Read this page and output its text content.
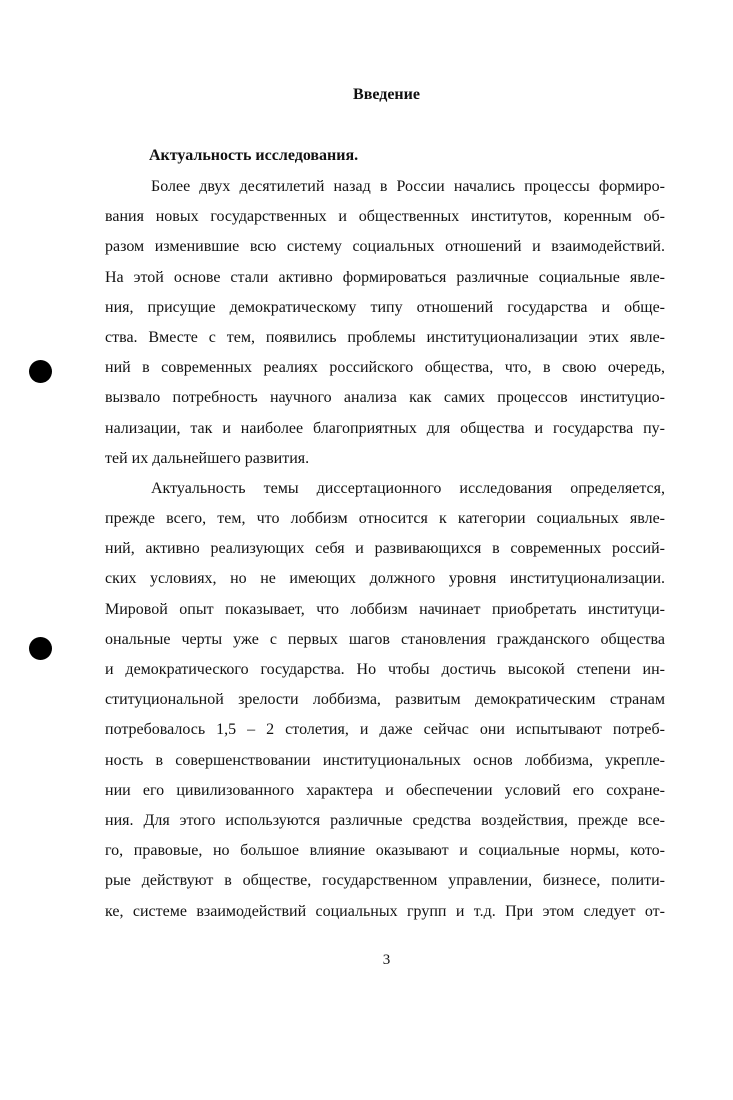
Введение
Актуальность исследования.
Более двух десятилетий назад в России начались процессы формиро-
вания новых государственных и общественных институтов, коренным об-
разом изменившие всю систему социальных отношений и взаимодействий.
На этой основе стали активно формироваться различные социальные явле-
ния, присущие демократическому типу отношений государства и обще-
ства. Вместе с тем, появились проблемы институционализации этих явле-
ний в современных реалиях российского общества, что, в свою очередь,
вызвало потребность научного анализа как самих процессов институцио-
нализации, так и наиболее благоприятных для общества и государства пу-
тей их дальнейшего развития.
Актуальность темы диссертационного исследования определяется,
прежде всего, тем, что лоббизм относится к категории социальных явле-
ний, активно реализующих себя и развивающихся в современных россий-
ских условиях, но не имеющих должного уровня институционализации.
Мировой опыт показывает, что лоббизм начинает приобретать институци-
ональные черты уже с первых шагов становления гражданского общества
и демократического государства. Но чтобы достичь высокой степени ин-
ституциональной зрелости лоббизма, развитым демократическим странам
потребовалось 1,5 – 2 столетия, и даже сейчас они испытывают потреб-
ность в совершенствовании институциональных основ лоббизма, укрепле-
нии его цивилизованного характера и обеспечении условий его сохране-
ния. Для этого используются различные средства воздействия, прежде все-
го, правовые, но большое влияние оказывают и социальные нормы, кото-
рые действуют в обществе, государственном управлении, бизнесе, полити-
ке, системе взаимодействий социальных групп и т.д. При этом следует от-
3
